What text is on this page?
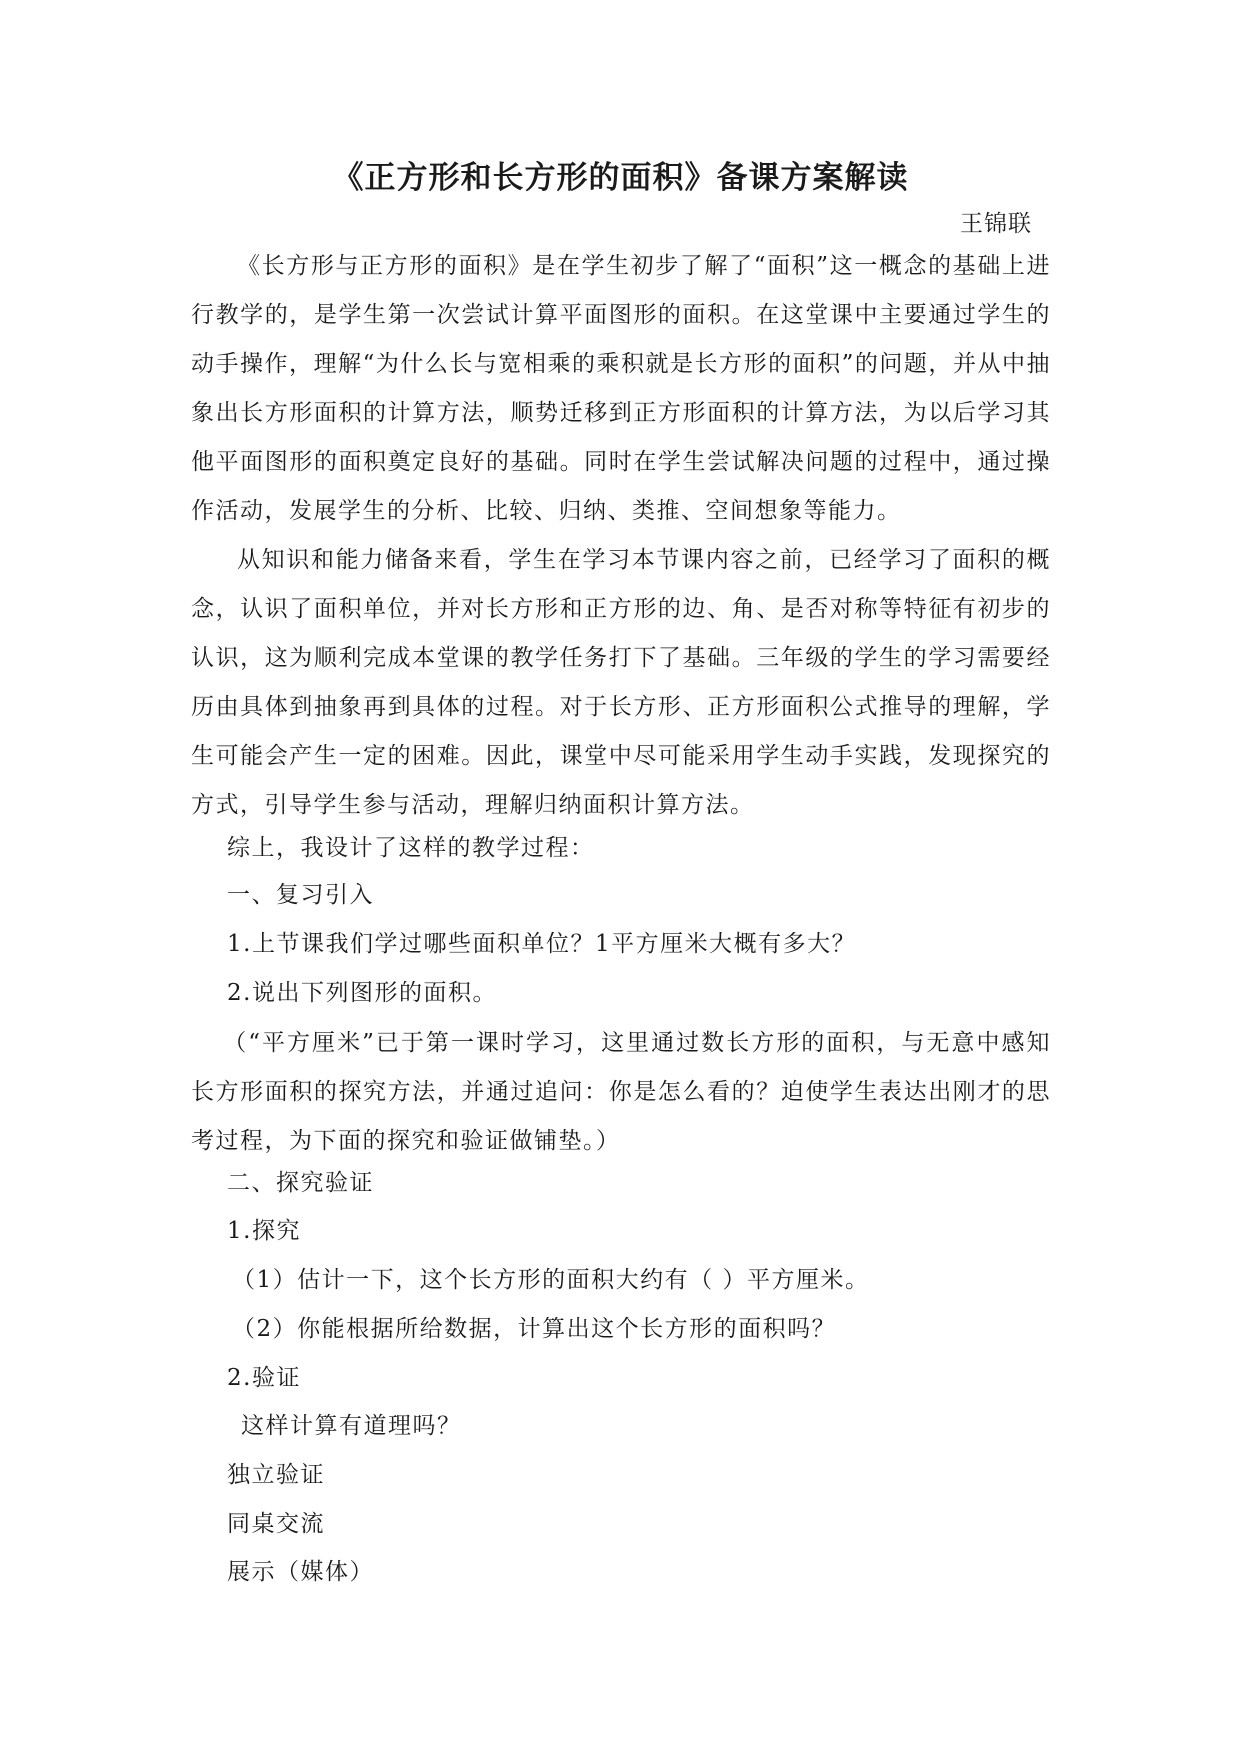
《正方形和长方形的面积》备课方案解读
王锦联

《长方形与正方形的面积》是在学生初步了解了“面积”这一概念的基础上进行教学的，是学生第一次尝试计算平面图形的面积。在这堂课中主要通过学生的动手操作，理解“为什么长与宽相乘的乘积就是长方形的面积”的问题，并从中抽象出长方形面积的计算方法，顺势迁移到正方形面积的计算方法，为以后学习其他平面图形的面积奠定良好的基础。同时在学生尝试解决问题的过程中，通过操作活动，发展学生的分析、比较、归纳、类推、空间想象等能力。

从知识和能力储备来看，学生在学习本节课内容之前，已经学习了面积的概念，认识了面积单位，并对长方形和正方形的边、角、是否对称等特征有初步的认识，这为顺利完成本堂课的教学任务打下了基础。三年级的学生的学习需要经历由具体到抽象再到具体的过程。对于长方形、正方形面积公式推导的理解，学生可能会产生一定的困难。因此，课堂中尽可能采用学生动手实践，发现探究的方式，引导学生参与活动，理解归纳面积计算方法。

综上，我设计了这样的教学过程：
一、复习引入
1.上节课我们学过哪些面积单位？1平方厘米大概有多大？
2.说出下列图形的面积。

（“平方厘米”已于第一课时学习，这里通过数长方形的面积，与无意中感知长方形面积的探究方法，并通过追问：你是怎么看的？迫使学生表达出刚才的思考过程，为下面的探究和验证做铺垫。）

二、探究验证
1.探究
（1）估计一下，这个长方形的面积大约有（ ）平方厘米。
（2）你能根据所给数据，计算出这个长方形的面积吗？
2.验证
这样计算有道理吗？
独立验证
同桌交流
展示（媒体）
